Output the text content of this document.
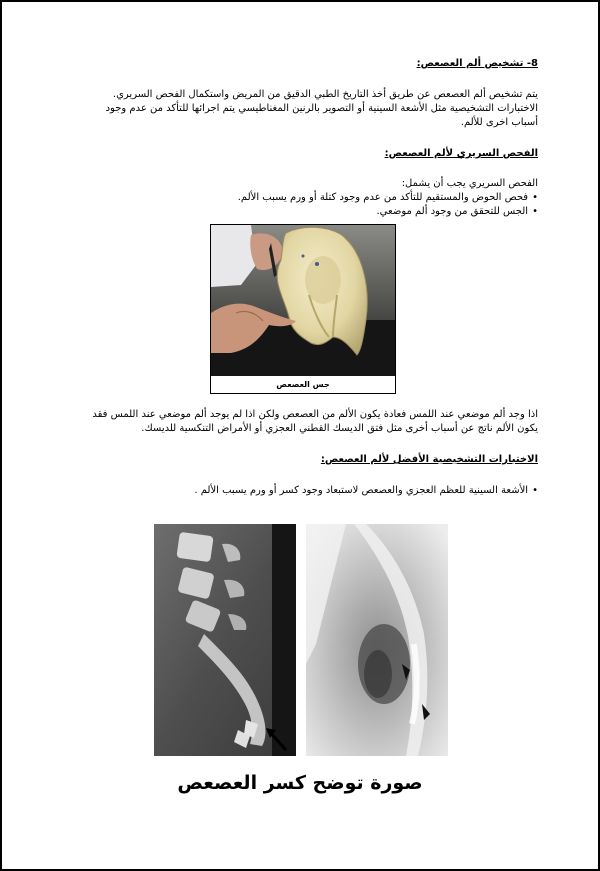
8- تشخيص ألم العصعص:
يتم تشخيص ألم العصعص عن طريق أخذ التاريخ الطبي الدقيق من المريض واستكمال الفحص السريري.
الاختبارات التشخيصية مثل الأشعة السينية أو التصوير بالرنين المغناطيسي يتم اجرائها للتأكد من عدم وجود
أسباب اخرى للألم.
الفحص السريري لألم العصعص:
الفحص السريري يجب أن يشمل:
• فحص الحوض والمستقيم للتأكد من عدم وجود كتلة أو ورم يسبب الألم.
• الجس للتحقق من وجود ألم موضعي.
جس العصعص
اذا وجد ألم موضعي عند اللمس فعادة يكون الألم من العصعص ولكن اذا لم يوجد ألم موضعي عند اللمس فقد
يكون الألم ناتج عن أسباب أخرى مثل فتق الديسك القطني العجزي أو الأمراض التنكسية للديسك.
الاختبارات التشخيصية الأفضل لألم العصعص:
• الأشعة السينية للعظم العجزي والعصعص لاستبعاد وجود كسر أو ورم يسبب الألم .
صورة توضح كسر العصعص
